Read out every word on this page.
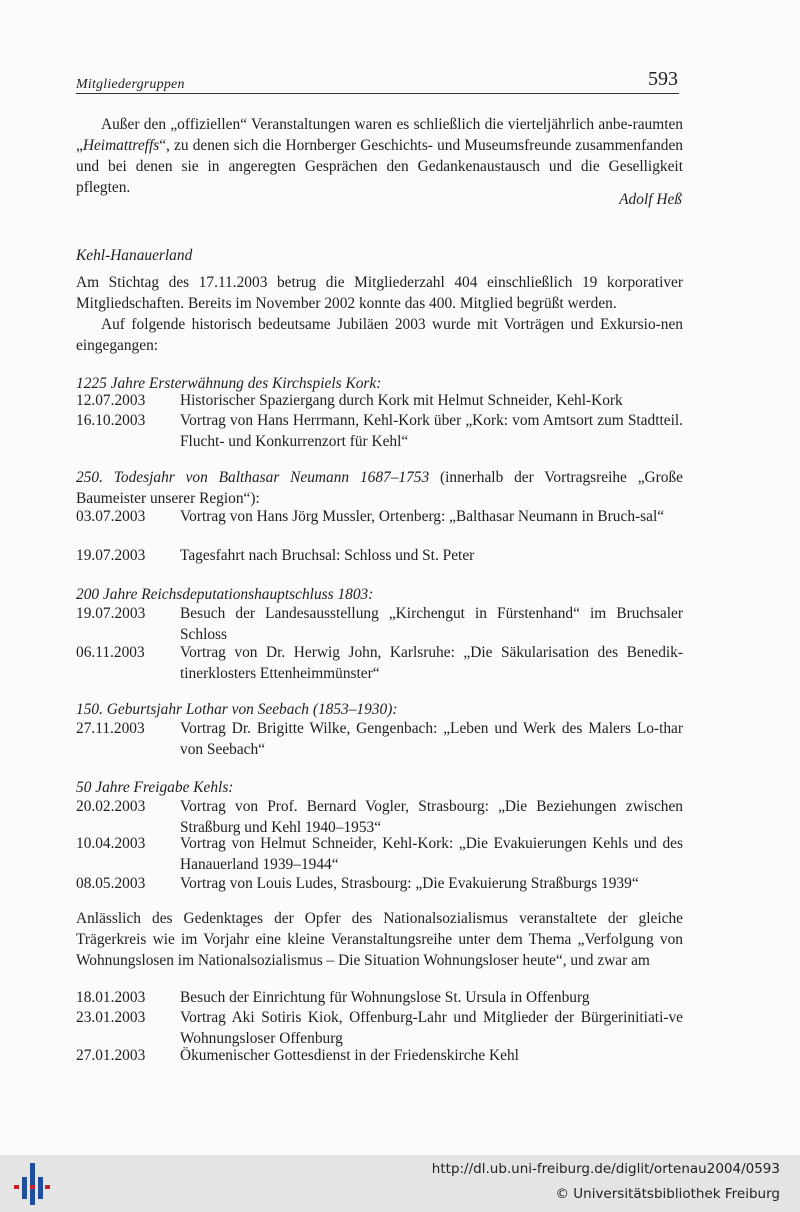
Mitgliedergruppen	593
Außer den „offiziellen“ Veranstaltungen waren es schließlich die vierteljährlich anbe-raumten „Heimattreffs“, zu denen sich die Hornberger Geschichts- und Museumsfreunde zusammenfanden und bei denen sie in angeregten Gesprächen den Gedankenaustausch und die Geselligkeit pflegten.
Adolf Heß
Kehl-Hanauerland
Am Stichtag des 17.11.2003 betrug die Mitgliederzahl 404 einschließlich 19 korporativer Mitgliedschaften. Bereits im November 2002 konnte das 400. Mitglied begrüßt werden.
Auf folgende historisch bedeutsame Jubiläen 2003 wurde mit Vorträgen und Exkursio-nen eingegangen:
1225 Jahre Ersterwähnung des Kirchspiels Kork:
12.07.2003 Historischer Spaziergang durch Kork mit Helmut Schneider, Kehl-Kork
16.10.2003 Vortrag von Hans Herrmann, Kehl-Kork über „Kork: vom Amtsort zum Stadtteil. Flucht- und Konkurrenzort für Kehl“
250. Todesjahr von Balthasar Neumann 1687–1753 (innerhalb der Vortragsreihe „Große Baumeister unserer Region“):
03.07.2003 Vortrag von Hans Jörg Mussler, Ortenberg: „Balthasar Neumann in Bruch-sal“
19.07.2003 Tagesfahrt nach Bruchsal: Schloss und St. Peter
200 Jahre Reichsdeputationshauptschluss 1803:
19.07.2003 Besuch der Landesausstellung „Kirchengut in Fürstenhand“ im Bruchsaler Schloss
06.11.2003 Vortrag von Dr. Herwig John, Karlsruhe: „Die Säkularisation des Benedik-tinerklosters Ettenheimmünster“
150. Geburtsjahr Lothar von Seebach (1853–1930):
27.11.2003 Vortrag Dr. Brigitte Wilke, Gengenbach: „Leben und Werk des Malers Lo-thar von Seebach“
50 Jahre Freigabe Kehls:
20.02.2003 Vortrag von Prof. Bernard Vogler, Strasbourg: „Die Beziehungen zwischen Straßburg und Kehl 1940–1953“
10.04.2003 Vortrag von Helmut Schneider, Kehl-Kork: „Die Evakuierungen Kehls und des Hanauerland 1939–1944“
08.05.2003 Vortrag von Louis Ludes, Strasbourg: „Die Evakuierung Straßburgs 1939“
Anlässlich des Gedenktages der Opfer des Nationalsozialismus veranstaltete der gleiche Trägerkreis wie im Vorjahr eine kleine Veranstaltungsreihe unter dem Thema „Verfolgung von Wohnungslosen im Nationalsozialismus – Die Situation Wohnungsloser heute“, und zwar am
18.01.2003 Besuch der Einrichtung für Wohnungslose St. Ursula in Offenburg
23.01.2003 Vortrag Aki Sotiris Kiok, Offenburg-Lahr und Mitglieder der Bürgerinitiati-ve Wohnungsloser Offenburg
27.01.2003 Ökumenischer Gottesdienst in der Friedenskirche Kehl
http://dl.ub.uni-freiburg.de/diglit/ortenau2004/0593
© Universitätsbibliothek Freiburg
